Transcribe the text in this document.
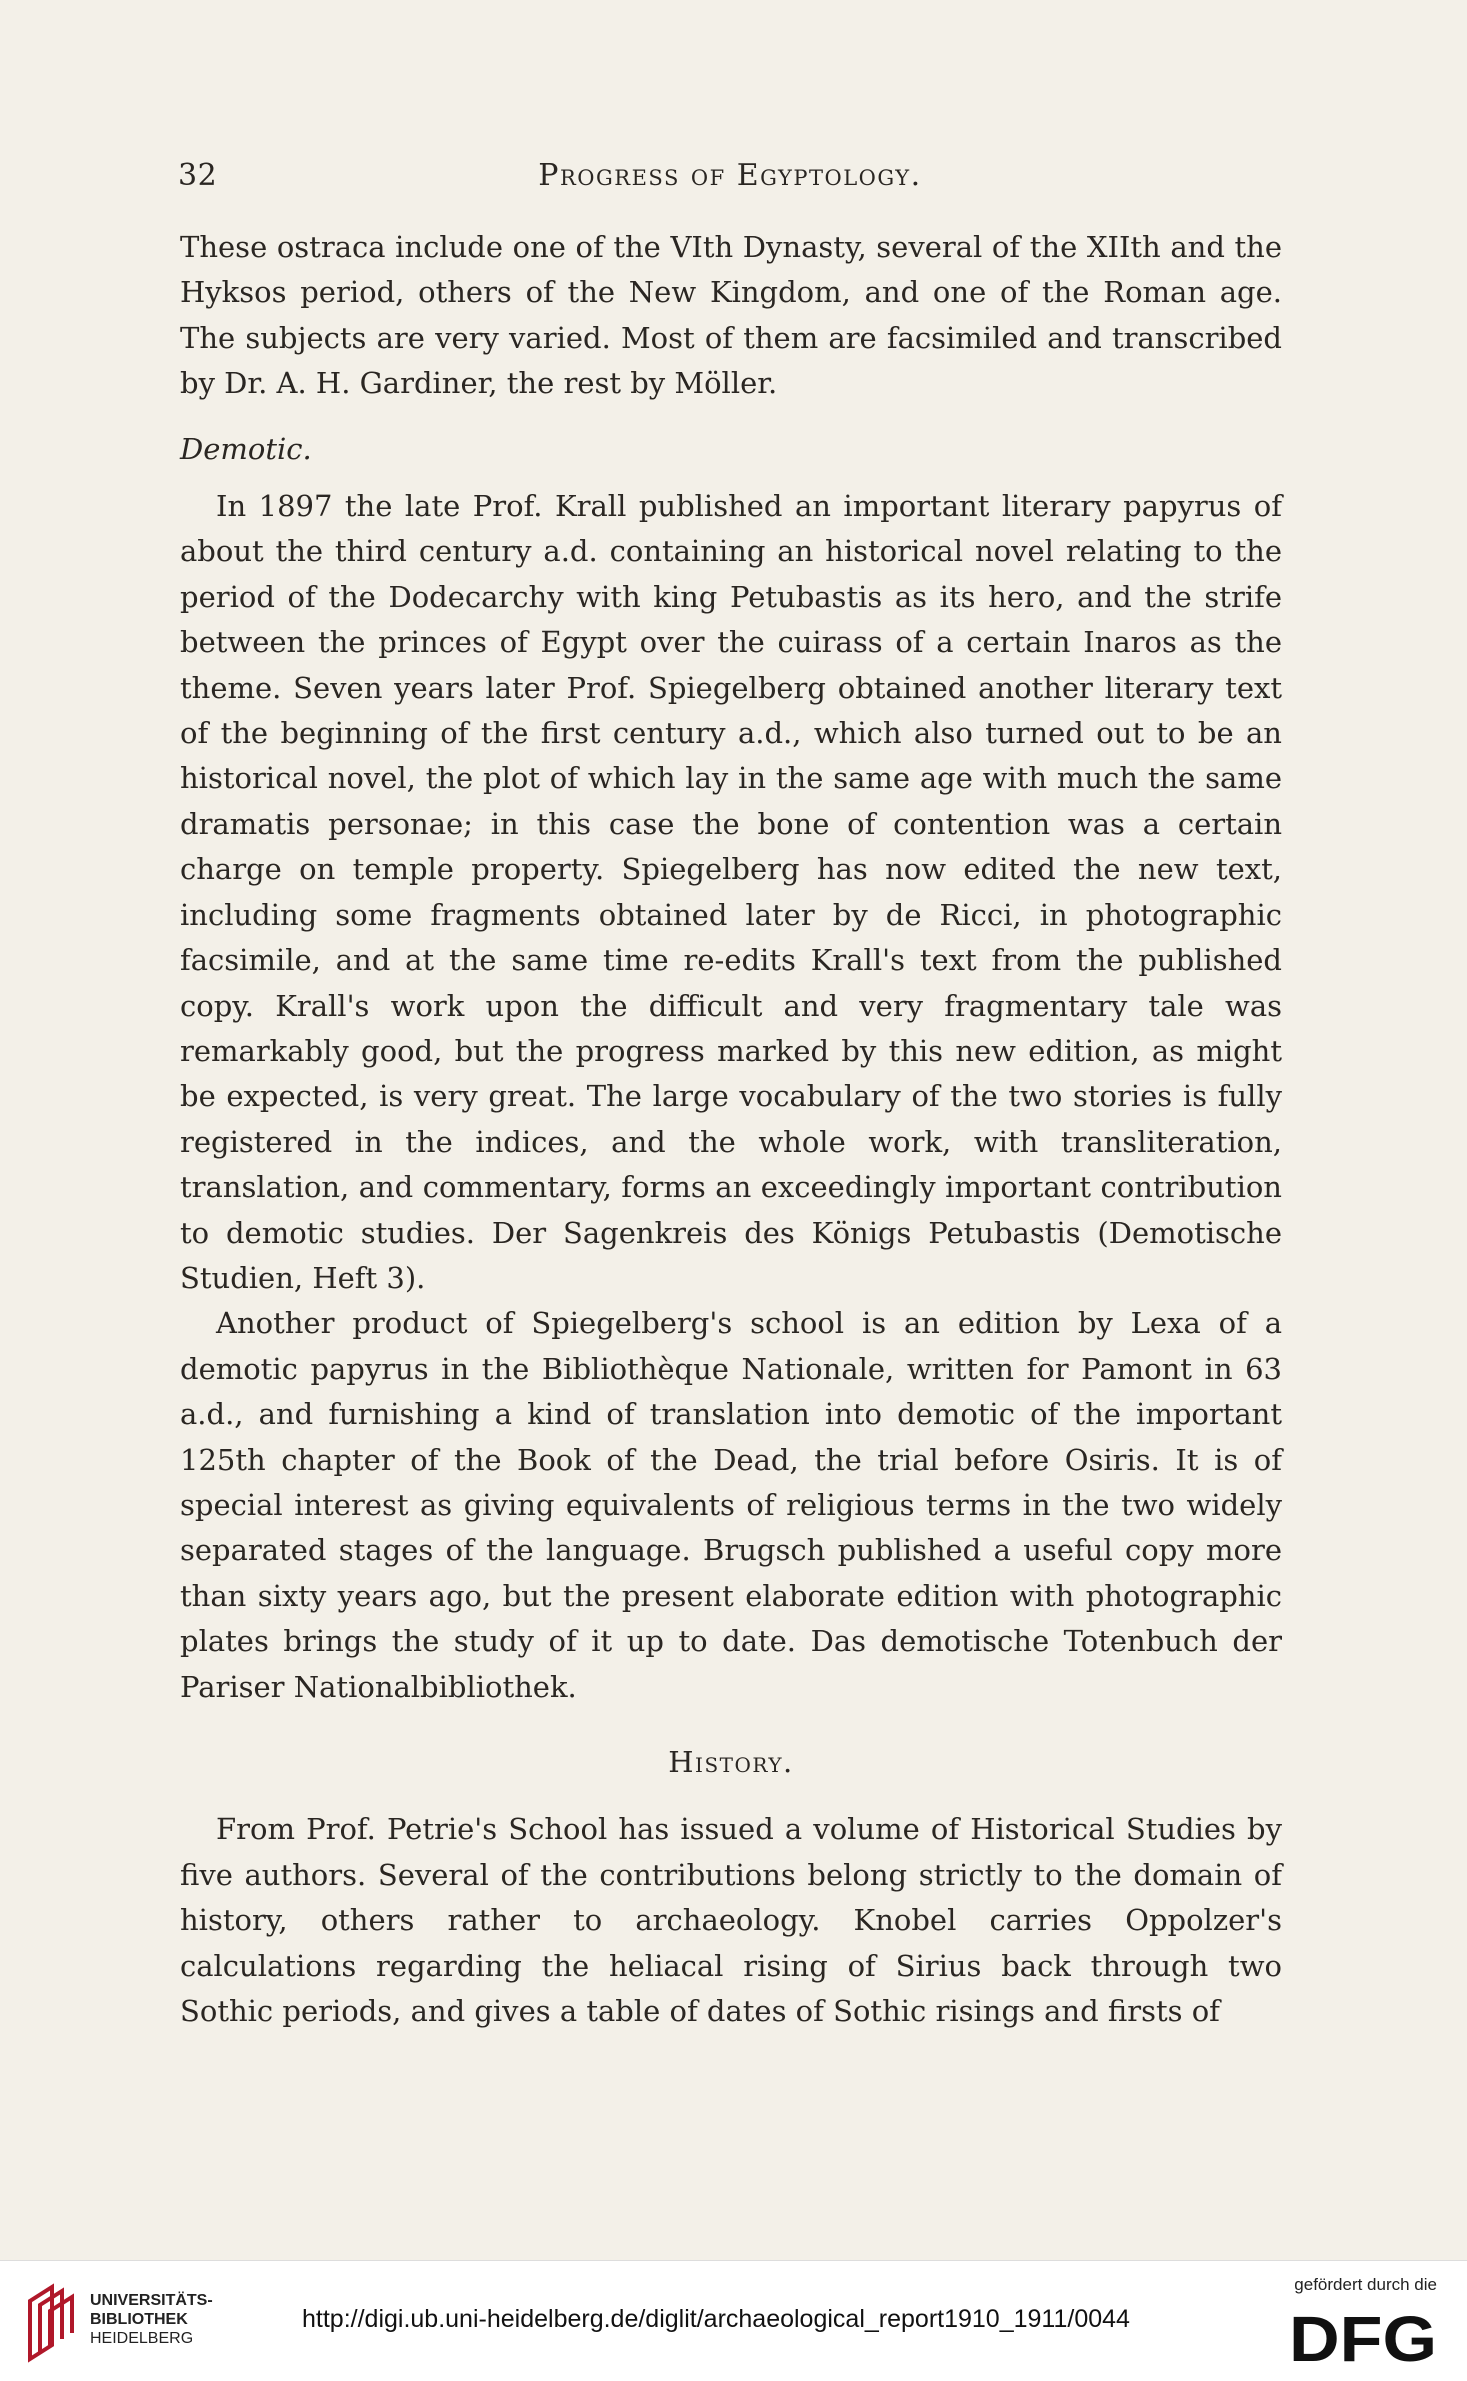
32	Progress of Egyptology.

These ostraca include one of the VIth Dynasty, several of the XIIth and the Hyksos period, others of the New Kingdom, and one of the Roman age. The subjects are very varied. Most of them are facsimiled and transcribed by Dr. A. H. Gardiner, the rest by Möller.

Demotic.

In 1897 the late Prof. Krall published an important literary papyrus of about the third century a.d. containing an historical novel relating to the period of the Dodecarchy with king Petubastis as its hero, and the strife between the princes of Egypt over the cuirass of a certain Inaros as the theme. Seven years later Prof. Spiegelberg obtained another literary text of the beginning of the first century a.d., which also turned out to be an historical novel, the plot of which lay in the same age with much the same dramatis personae; in this case the bone of contention was a certain charge on temple property. Spiegelberg has now edited the new text, including some fragments obtained later by de Ricci, in photographic facsimile, and at the same time re-edits Krall's text from the published copy. Krall's work upon the difficult and very fragmentary tale was remarkably good, but the progress marked by this new edition, as might be expected, is very great. The large vocabulary of the two stories is fully registered in the indices, and the whole work, with transliteration, translation, and commentary, forms an exceedingly important contribution to demotic studies. Der Sagenkreis des Königs Petubastis (Demotische Studien, Heft 3).

Another product of Spiegelberg's school is an edition by Lexa of a demotic papyrus in the Bibliothèque Nationale, written for Pamont in 63 a.d., and furnishing a kind of translation into demotic of the important 125th chapter of the Book of the Dead, the trial before Osiris. It is of special interest as giving equivalents of religious terms in the two widely separated stages of the language. Brugsch published a useful copy more than sixty years ago, but the present elaborate edition with photographic plates brings the study of it up to date. Das demotische Totenbuch der Pariser Nationalbibliothek.

History.

From Prof. Petrie's School has issued a volume of Historical Studies by five authors. Several of the contributions belong strictly to the domain of history, others rather to archaeology. Knobel carries Oppolzer's calculations regarding the heliacal rising of Sirius back through two Sothic periods, and gives a table of dates of Sothic risings and firsts of

UNIVERSITÄTS-
BIBLIOTHEK
HEIDELBERG
http://digi.ub.uni-heidelberg.de/diglit/archaeological_report1910_1911/0044
gefördert durch die
DFG
